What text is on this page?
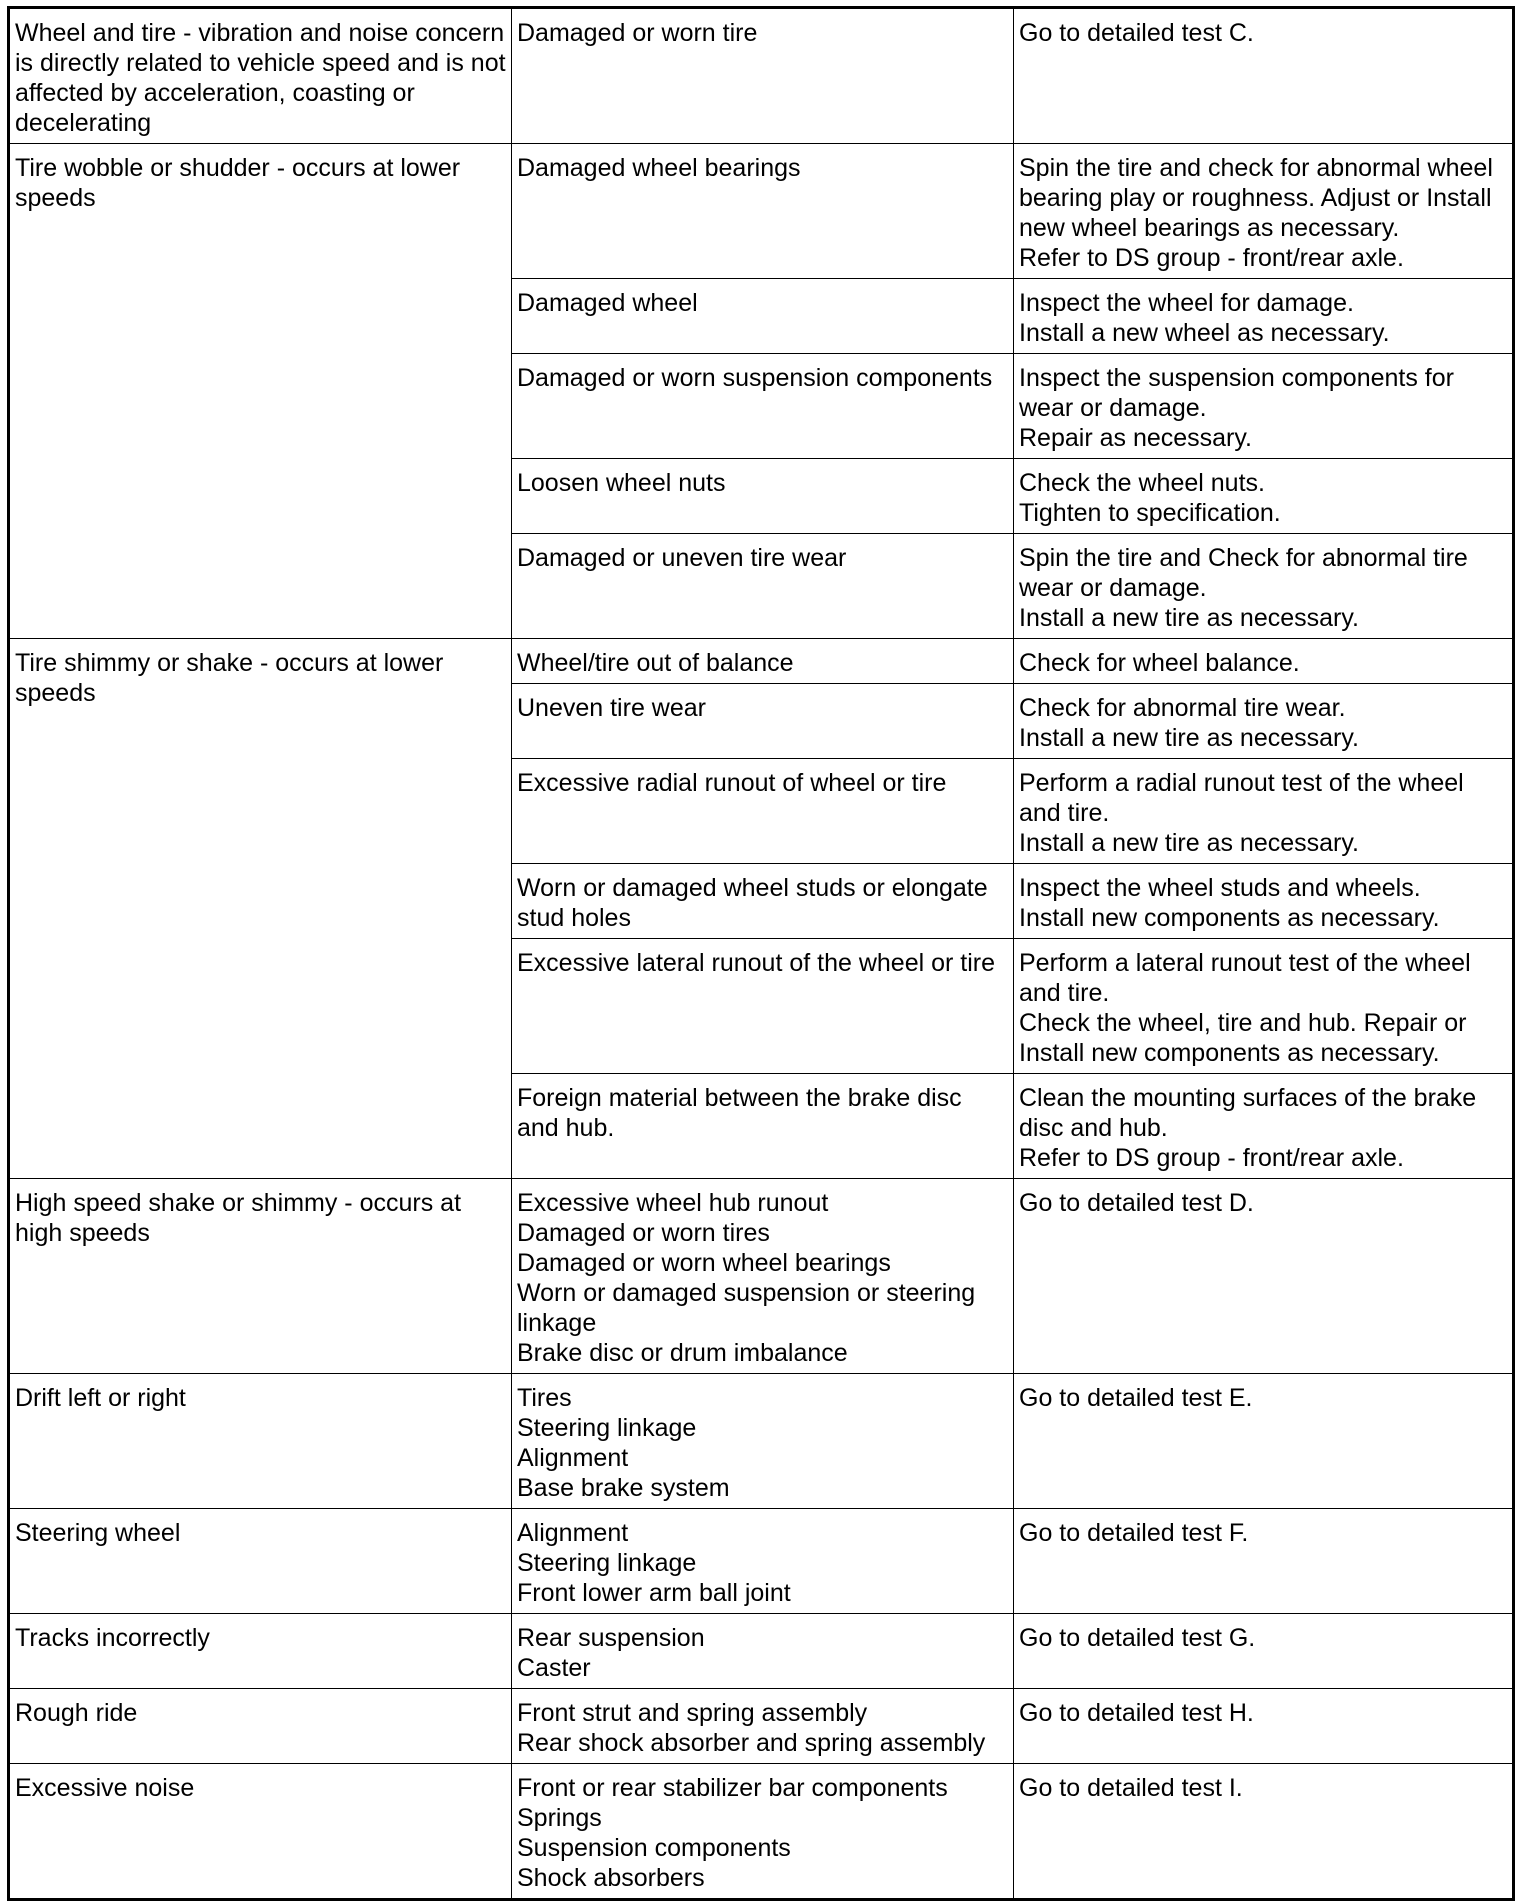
Wheel and tire - vibration and noise concern is directly related to vehicle speed and is not affected by acceleration, coasting or decelerating	Damaged or worn tire	Go to detailed test C.

Tire wobble or shudder - occurs at lower speeds	Damaged wheel bearings	Spin the tire and check for abnormal wheel bearing play or roughness. Adjust or Install new wheel bearings as necessary.
Refer to DS group - front/rear axle.

	Damaged wheel	Inspect the wheel for damage.
Install a new wheel as necessary.

	Damaged or worn suspension components	Inspect the suspension components for wear or damage.
Repair as necessary.

	Loosen wheel nuts	Check the wheel nuts.
Tighten to specification.

	Damaged or uneven tire wear	Spin the tire and Check for abnormal tire wear or damage.
Install a new tire as necessary.

Tire shimmy or shake - occurs at lower speeds	Wheel/tire out of balance	Check for wheel balance.

	Uneven tire wear	Check for abnormal tire wear.
Install a new tire as necessary.

	Excessive radial runout of wheel or tire	Perform a radial runout test of the wheel and tire.
Install a new tire as necessary.

	Worn or damaged wheel studs or elongate stud holes	Inspect the wheel studs and wheels.
Install new components as necessary.

	Excessive lateral runout of the wheel or tire	Perform a lateral runout test of the wheel and tire.
Check the wheel, tire and hub. Repair or Install new components as necessary.

	Foreign material between the brake disc and hub.	Clean the mounting surfaces of the brake disc and hub.
Refer to DS group - front/rear axle.

High speed shake or shimmy - occurs at high speeds	Excessive wheel hub runout
Damaged or worn tires
Damaged or worn wheel bearings
Worn or damaged suspension or steering linkage
Brake disc or drum imbalance	Go to detailed test D.

Drift left or right	Tires
Steering linkage
Alignment
Base brake system	Go to detailed test E.

Steering wheel	Alignment
Steering linkage
Front lower arm ball joint	Go to detailed test F.

Tracks incorrectly	Rear suspension
Caster	Go to detailed test G.

Rough ride	Front strut and spring assembly
Rear shock absorber and spring assembly	Go to detailed test H.

Excessive noise	Front or rear stabilizer bar components
Springs
Suspension components
Shock absorbers	Go to detailed test I.
